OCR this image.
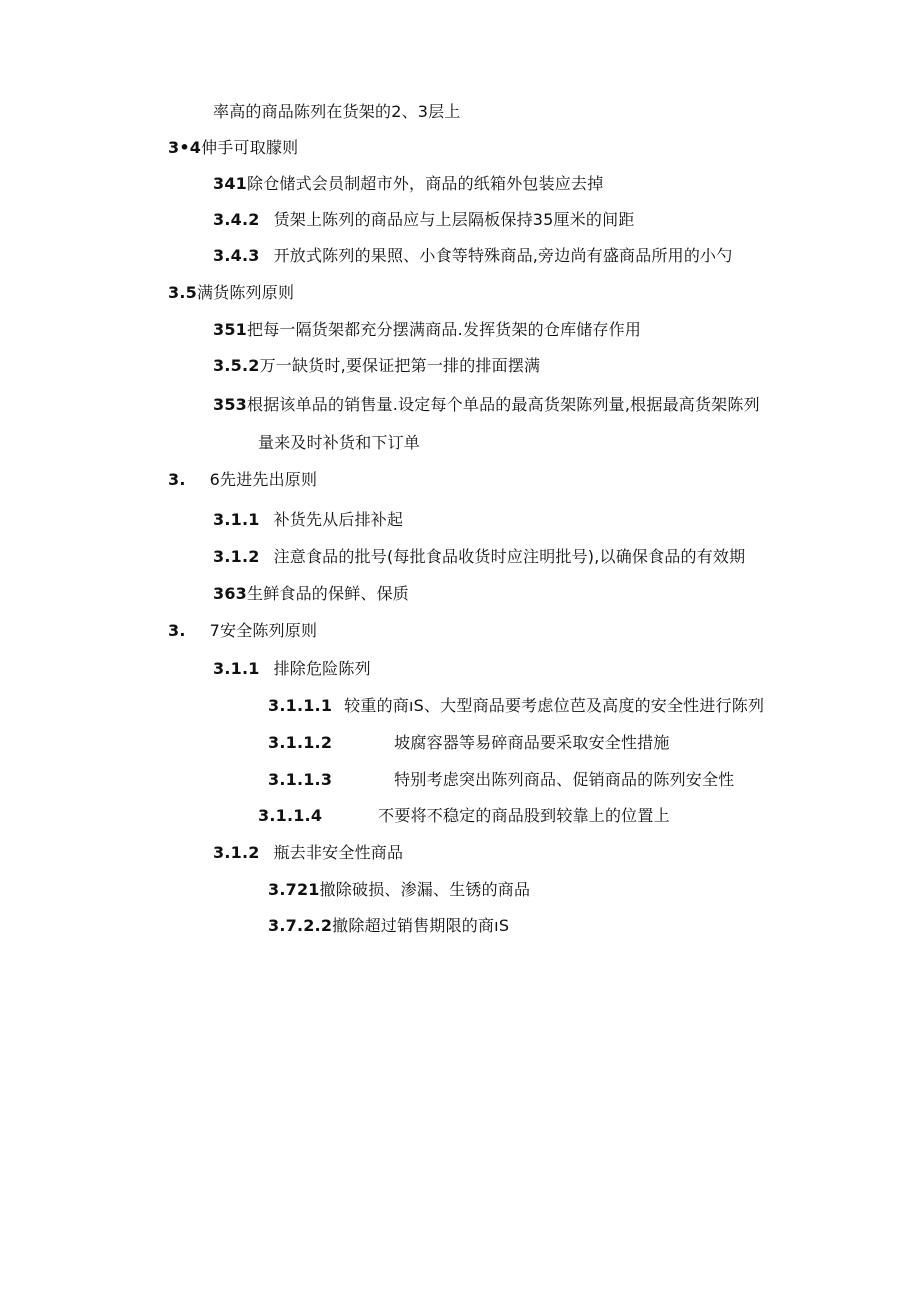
率高的商品陈列在货架的2、3层上
3•4伸手可取朦则
341除仓储式会员制超市外，商品的纸箱外包装应去掉
3.4.2 赁架上陈列的商品应与上层隔板保持35厘米的间距
3.4.3 开放式陈列的果照、小食等特殊商品,旁边尚有盛商品所用的小勺
3.5满货陈列原则
351把每一隔货架都充分摆满商品.发挥货架的仓库储存作用
3.5.2万一缺货时,要保证把第一排的排面摆满
353根据该单品的销售量.设定每个单品的最高货架陈列量,根据最高货架陈列
量来及时补货和下订单
3. 6先进先出原则
3.1.1 补货先从后排补起
3.1.2 注意食品的批号(每批食品收货时应注明批号),以确保食品的有效期
363生鲜食品的保鲜、保质
3. 7安全陈列原则
3.1.1 排除危险陈列
3.1.1.1 较重的商ıS、大型商品要考虑位芭及高度的安全性进行陈列
3.1.1.2	坡腐容器等易碎商品要采取安全性措施
3.1.1.3	特别考虑突出陈列商品、促销商品的陈列安全性
3.1.1.4	不要将不稳定的商品股到较靠上的位置上
3.1.2 瓶去非安全性商品
3.721撤除破损、渗漏、生锈的商品
3.7.2.2撤除超过销售期限的商ıS
